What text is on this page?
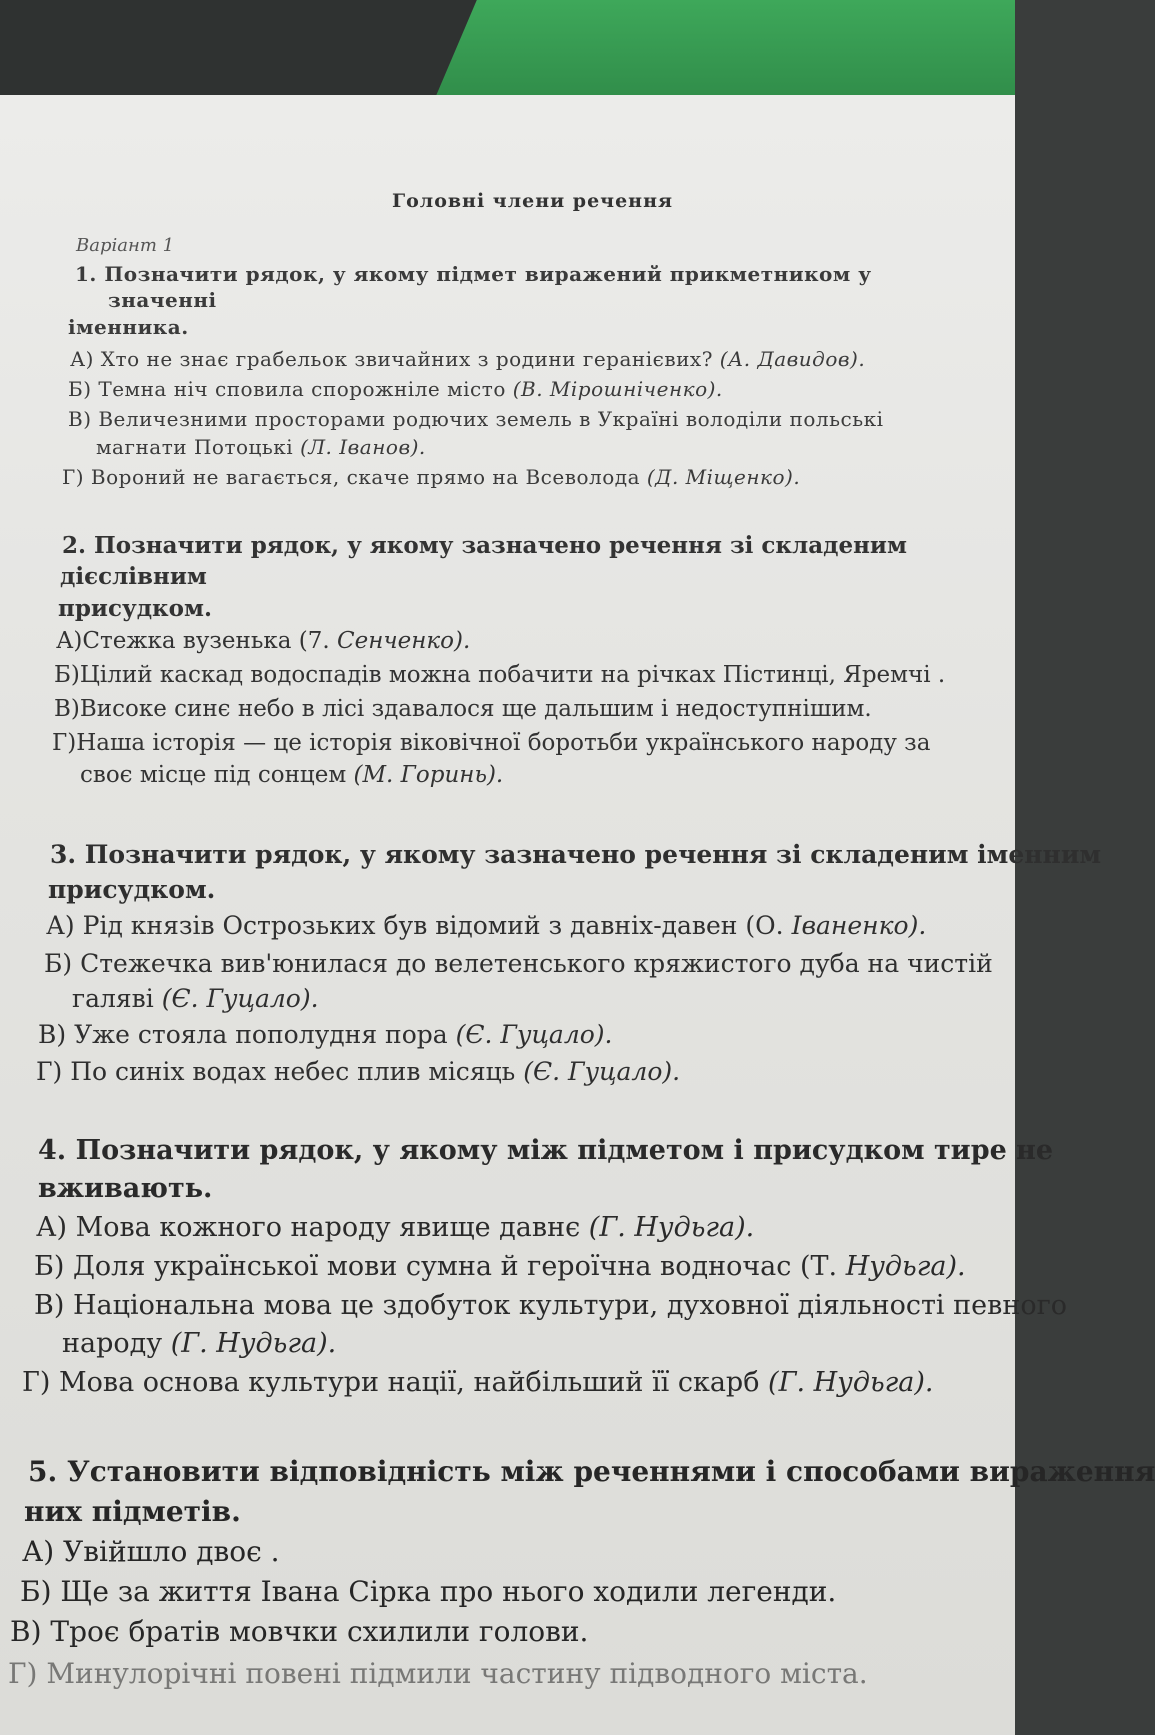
Головні члени речення
Варіант 1
1. Позначити рядок, у якому підмет виражений прикметником у
значенні
іменника.
А) Хто не знає грабельок звичайних з родини геранієвих? (А. Давидов).
Б) Темна ніч сповила спорожніле місто (В. Мірошніченко).
В) Величезними просторами родючих земель в Україні володіли польські
магнати Потоцькі (Л. Іванов).
Г) Вороний не вагається, скаче прямо на Всеволода (Д. Міщенко).
2. Позначити рядок, у якому зазначено речення зі складеним
дієслівним
присудком.
А)Стежка вузенька (7. Сенченко).
Б)Цілий каскад водоспадів можна побачити на річках Пістинці, Яремчі .
В)Високе синє небо в лісі здавалося ще дальшим і недоступнішим.
Г)Наша історія — це історія віковічної боротьби українського народу за
своє місце під сонцем (М. Горинь).
3. Позначити рядок, у якому зазначено речення зі складеним іменним
присудком.
А) Рід князів Острозьких був відомий з давніх-давен (О. Іваненко).
Б) Стежечка вив'юнилася до велетенського кряжистого дуба на чистій
галяві (Є. Гуцало).
В) Уже стояла пополудня пора (Є. Гуцало).
Г) По синіх водах небес плив місяць (Є. Гуцало).
4. Позначити рядок, у якому між підметом і присудком тире не
вживають.
А) Мова кожного народу явище давнє (Г. Нудьга).
Б) Доля української мови сумна й героїчна водночас (Т. Нудьга).
В) Національна мова це здобуток культури, духовної діяльності певного
народу (Г. Нудьга).
Г) Мова основа культури нації, найбільший її скарб (Г. Нудьга).
5. Установити відповідність між реченнями і способами вираження
них підметів.
А) Увійшло двоє .
Б) Ще за життя Івана Сірка про нього ходили легенди.
В) Троє братів мовчки схилили голови.
Г) Минулорічні повені підмили частину підводного міста.
